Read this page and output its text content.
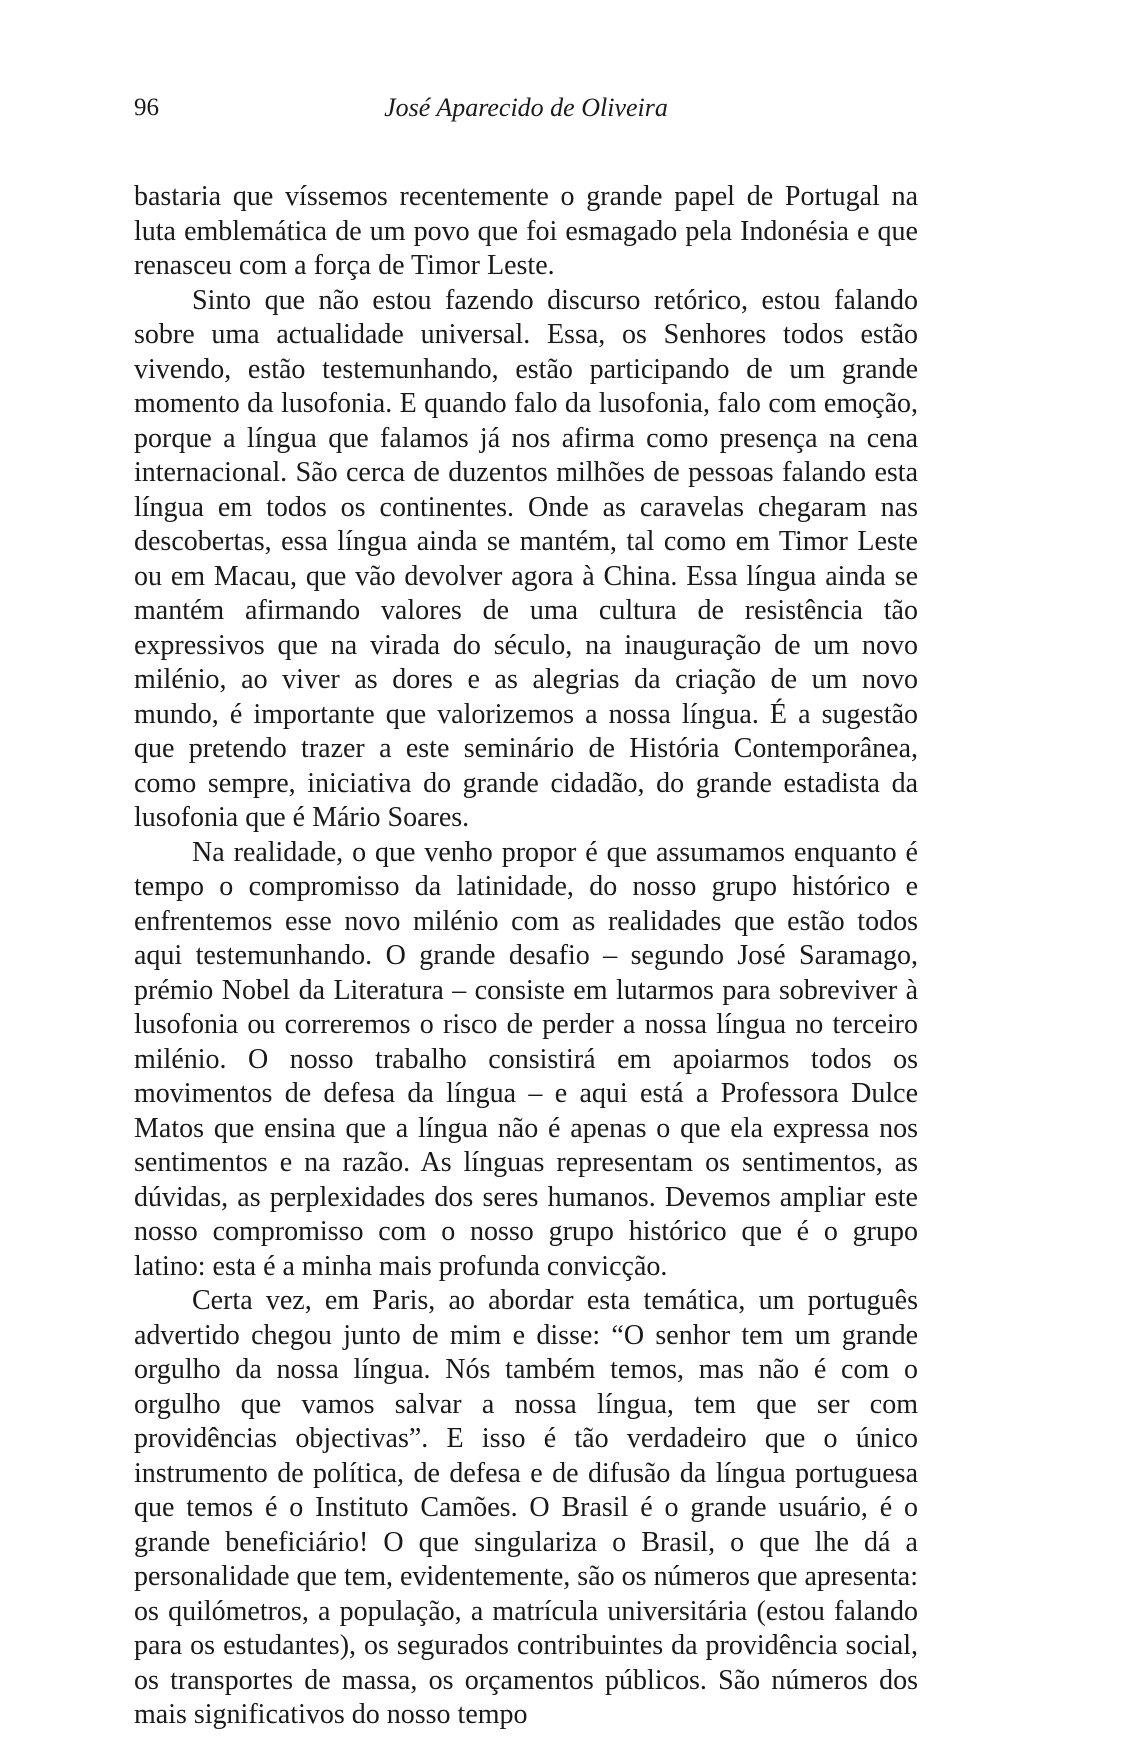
96	José Aparecido de Oliveira

bastaria que víssemos recentemente o grande papel de Portugal na luta emblemática de um povo que foi esmagado pela Indonésia e que renasceu com a força de Timor Leste.

Sinto que não estou fazendo discurso retórico, estou falando sobre uma actualidade universal. Essa, os Senhores todos estão vivendo, estão testemunhando, estão participando de um grande momento da lusofonia. E quando falo da lusofonia, falo com emoção, porque a língua que falamos já nos afirma como presença na cena internacional. São cerca de duzentos milhões de pessoas falando esta língua em todos os continentes. Onde as caravelas chegaram nas descobertas, essa língua ainda se mantém, tal como em Timor Leste ou em Macau, que vão devolver agora à China. Essa língua ainda se mantém afirmando valores de uma cultura de resistência tão expressivos que na virada do século, na inauguração de um novo milénio, ao viver as dores e as alegrias da criação de um novo mundo, é importante que valorizemos a nossa língua. É a sugestão que pretendo trazer a este seminário de História Contemporânea, como sempre, iniciativa do grande cidadão, do grande estadista da lusofonia que é Mário Soares.

Na realidade, o que venho propor é que assumamos enquanto é tempo o compromisso da latinidade, do nosso grupo histórico e enfrentemos esse novo milénio com as realidades que estão todos aqui testemunhando. O grande desafio – segundo José Saramago, prémio Nobel da Literatura – consiste em lutarmos para sobreviver à lusofonia ou correremos o risco de perder a nossa língua no terceiro milénio. O nosso trabalho consistirá em apoiarmos todos os movimentos de defesa da língua – e aqui está a Professora Dulce Matos que ensina que a língua não é apenas o que ela expressa nos sentimentos e na razão. As línguas representam os sentimentos, as dúvidas, as perplexidades dos seres humanos. Devemos ampliar este nosso compromisso com o nosso grupo histórico que é o grupo latino: esta é a minha mais profunda convicção.

Certa vez, em Paris, ao abordar esta temática, um português advertido chegou junto de mim e disse: “O senhor tem um grande orgulho da nossa língua. Nós também temos, mas não é com o orgulho que vamos salvar a nossa língua, tem que ser com providências objectivas”. E isso é tão verdadeiro que o único instrumento de política, de defesa e de difusão da língua portuguesa que temos é o Instituto Camões. O Brasil é o grande usuário, é o grande beneficiário! O que singulariza o Brasil, o que lhe dá a personalidade que tem, evidentemente, são os números que apresenta: os quilómetros, a população, a matrícula universitária (estou falando para os estudantes), os segurados contribuintes da providência social, os transportes de massa, os orçamentos públicos. São números dos mais significativos do nosso tempo
